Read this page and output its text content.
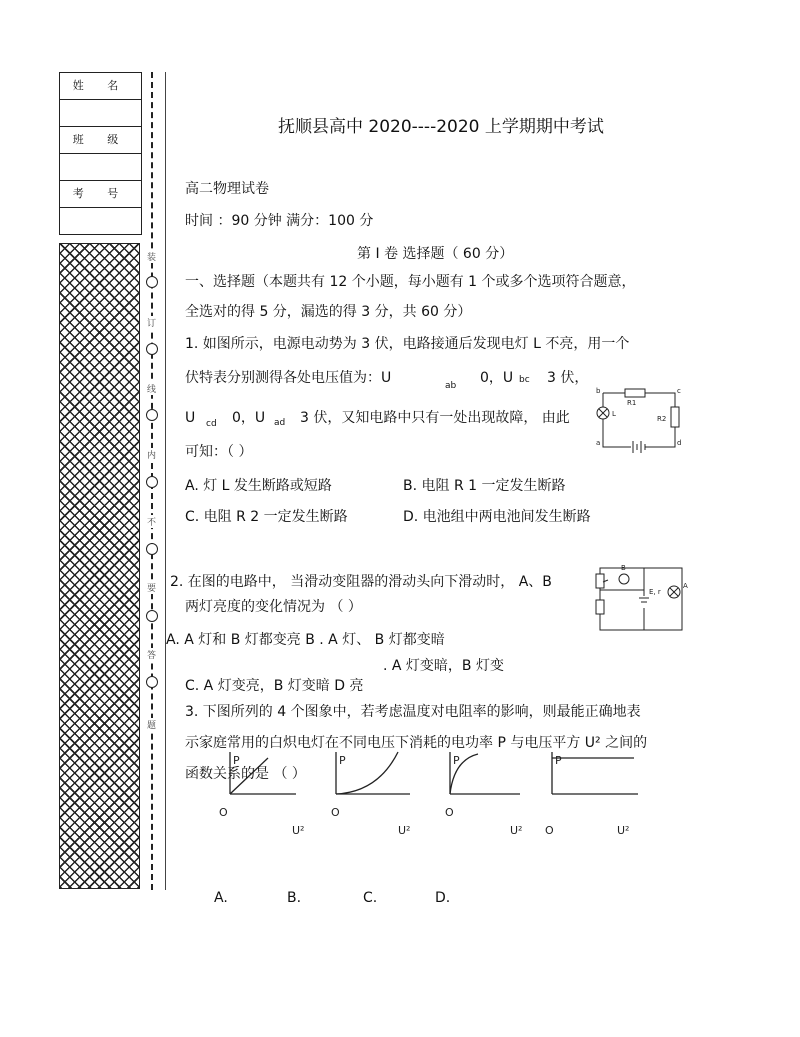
姓 名
班 级
考 号
装
订
线
内
不
要
答
题
抚顺县高中 2020----2020 上学期期中考试
高二物理试卷
时间 ：90 分钟 满分：100 分
第 I 卷 选择题（ 60 分）
一、选择题（本题共有 12 个小题，每小题有 1 个或多个选项符合题意，
全选对的得 5 分，漏选的得 3 分，共 60 分）
1. 如图所示，电源电动势为 3 伏，电路接通后发现电灯 L 不亮，用一个
伏特表分别测得各处电压值为：U	ab 0，U bc 3 伏，
U cd 0，U ad 3 伏，又知电路中只有一处出现故障， 由此
可知：（ ）
R1
R2
L
b	c
a	d
A. 灯 L 发生断路或短路	B. 电阻 R 1 一定发生断路
C. 电阻 R 2 一定发生断路	D. 电池组中两电池间发生断路
2. 在图的电路中， 当滑动变阻器的滑动头向下滑动时， A、B
两灯亮度的变化情况为 （ ）
B
A
E, r
A. A 灯和 B 灯都变亮 B . A 灯、 B 灯都变暗
. A 灯变暗，B 灯变
C. A 灯变亮，B 灯变暗 D 亮
3. 下图所列的 4 个图象中，若考虑温度对电阻率的影响，则最能正确地表
示家庭常用的白炽电灯在不同电压下消耗的电功率 P 与电压平方 U² 之间的
函数关系的是 （ ）
P	P	P	P
O	O	O
O
U²	U²	U²	U²
A.	B.	C.	D.
